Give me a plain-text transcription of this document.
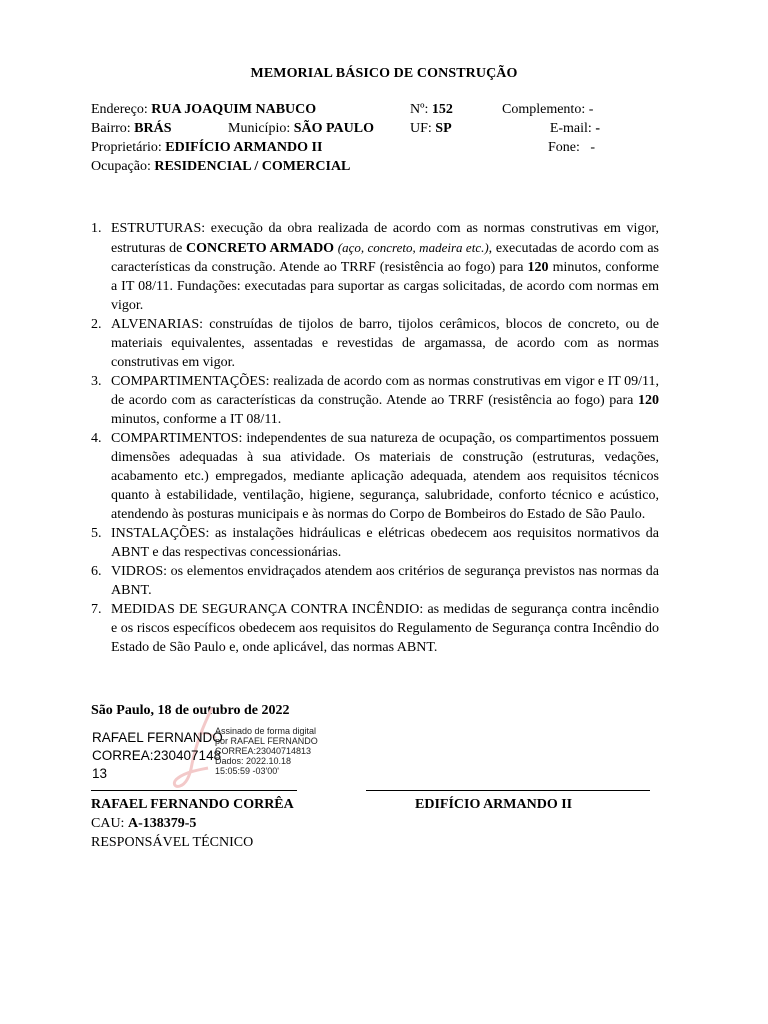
MEMORIAL BÁSICO DE CONSTRUÇÃO
Endereço: RUA JOAQUIM NABUCO	Nº: 152	Complemento: -
Bairro: BRÁS	Município: SÃO PAULO	UF: SP	E-mail: -
Proprietário: EDIFÍCIO ARMANDO II	Fone: -
Ocupação: RESIDENCIAL / COMERCIAL
1. ESTRUTURAS: execução da obra realizada de acordo com as normas construtivas em vigor, estruturas de CONCRETO ARMADO (aço, concreto, madeira etc.), executadas de acordo com as características da construção. Atende ao TRRF (resistência ao fogo) para 120 minutos, conforme a IT 08/11. Fundações: executadas para suportar as cargas solicitadas, de acordo com normas em vigor.
2. ALVENARIAS: construídas de tijolos de barro, tijolos cerâmicos, blocos de concreto, ou de materiais equivalentes, assentadas e revestidas de argamassa, de acordo com as normas construtivas em vigor.
3. COMPARTIMENTAÇÕES: realizada de acordo com as normas construtivas em vigor e IT 09/11, de acordo com as características da construção. Atende ao TRRF (resistência ao fogo) para 120 minutos, conforme a IT 08/11.
4. COMPARTIMENTOS: independentes de sua natureza de ocupação, os compartimentos possuem dimensões adequadas à sua atividade. Os materiais de construção (estruturas, vedações, acabamento etc.) empregados, mediante aplicação adequada, atendem aos requisitos técnicos quanto à estabilidade, ventilação, higiene, segurança, salubridade, conforto técnico e acústico, atendendo às posturas municipais e às normas do Corpo de Bombeiros do Estado de São Paulo.
5. INSTALAÇÕES: as instalações hidráulicas e elétricas obedecem aos requisitos normativos da ABNT e das respectivas concessionárias.
6. VIDROS: os elementos envidraçados atendem aos critérios de segurança previstos nas normas da ABNT.
7. MEDIDAS DE SEGURANÇA CONTRA INCÊNDIO: as medidas de segurança contra incêndio e os riscos específicos obedecem aos requisitos do Regulamento de Segurança contra Incêndio do Estado de São Paulo e, onde aplicável, das normas ABNT.
São Paulo, 18 de outubro de 2022
RAFAEL FERNANDO
CORREA:230407148
13
Assinado de forma digital
por RAFAEL FERNANDO
CORREA:23040714813
Dados: 2022.10.18
15:05:59 -03'00'
RAFAEL FERNANDO CORRÊA
CAU: A-138379-5
RESPONSÁVEL TÉCNICO
EDIFÍCIO ARMANDO II
